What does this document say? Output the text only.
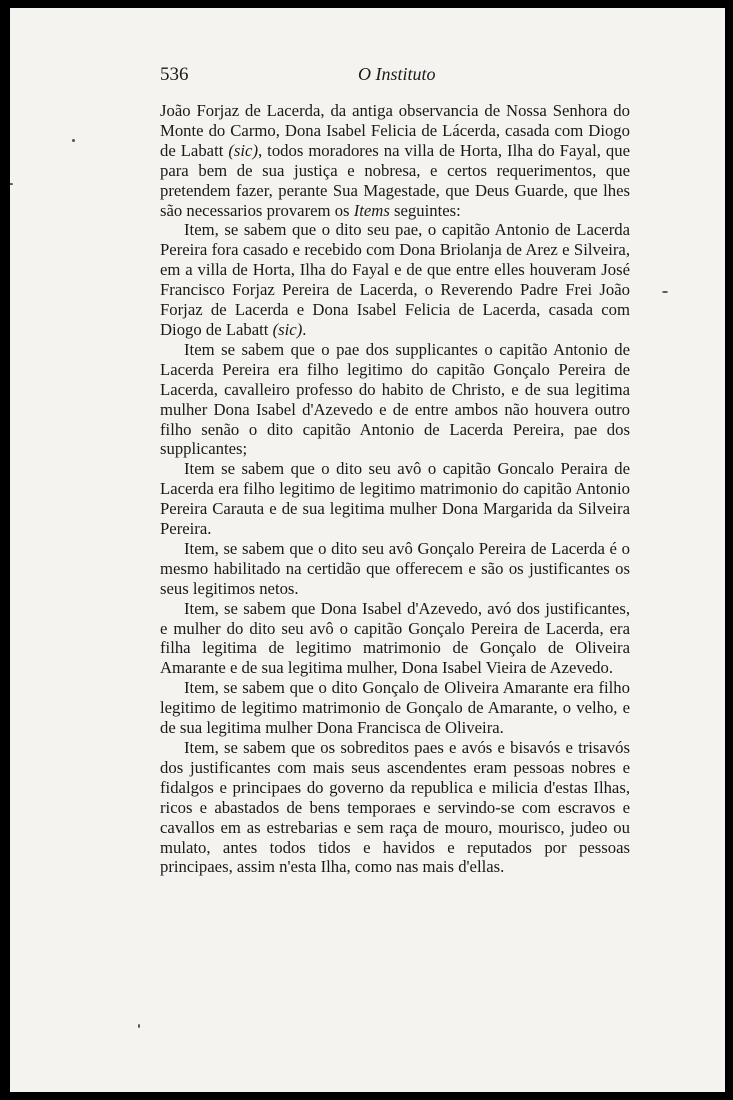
536	O Instituto

João Forjaz de Lacerda, da antiga observancia de Nossa Senhora do Monte do Carmo, Dona Isabel Felicia de Lácerda, casada com Diogo de Labatt (sic), todos moradores na villa de Horta, Ilha do Fayal, que para bem de sua justiça e nobresa, e certos requerimentos, que pretendem fazer, perante Sua Magestade, que Deus Guarde, que lhes são necessarios provarem os Items seguintes:

Item, se sabem que o dito seu pae, o capitão Antonio de Lacerda Pereira fora casado e recebido com Dona Briolanja de Arez e Silveira, em a villa de Horta, Ilha do Fayal e de que entre elles houveram José Francisco Forjaz Pereira de Lacerda, o Reverendo Padre Frei João Forjaz de Lacerda e Dona Isabel Felicia de Lacerda, casada com Diogo de Labatt (sic).

Item se sabem que o pae dos supplicantes o capitão Antonio de Lacerda Pereira era filho legitimo do capitão Gonçalo Pereira de Lacerda, cavalleiro professo do habito de Christo, e de sua legitima mulher Dona Isabel d'Azevedo e de entre ambos não houvera outro filho senão o dito capitão Antonio de Lacerda Pereira, pae dos supplicantes;

Item se sabem que o dito seu avô o capitão Goncalo Peraira de Lacerda era filho legitimo de legitimo matrimonio do capitão Antonio Pereira Carauta e de sua legitima mulher Dona Margarida da Silveira Pereira.

Item, se sabem que o dito seu avô Gonçalo Pereira de Lacerda é o mesmo habilitado na certidão que offerecem e são os justificantes os seus legitimos netos.

Item, se sabem que Dona Isabel d'Azevedo, avó dos justificantes, e mulher do dito seu avô o capitão Gonçalo Pereira de Lacerda, era filha legitima de legitimo matrimonio de Gonçalo de Oliveira Amarante e de sua legitima mulher, Dona Isabel Vieira de Azevedo.

Item, se sabem que o dito Gonçalo de Oliveira Amarante era filho legitimo de legitimo matrimonio de Gonçalo de Amarante, o velho, e de sua legitima mulher Dona Francisca de Oliveira.

Item, se sabem que os sobreditos paes e avós e bisavós e trisavós dos justificantes com mais seus ascendentes eram pessoas nobres e fidalgos e principaes do governo da republica e milicia d'estas Ilhas, ricos e abastados de bens temporaes e servindo-se com escravos e cavallos em as estrebarias e sem raça de mouro, mourisco, judeo ou mulato, antes todos tidos e havidos e reputados por pessoas principaes, assim n'esta Ilha, como nas mais d'ellas.
